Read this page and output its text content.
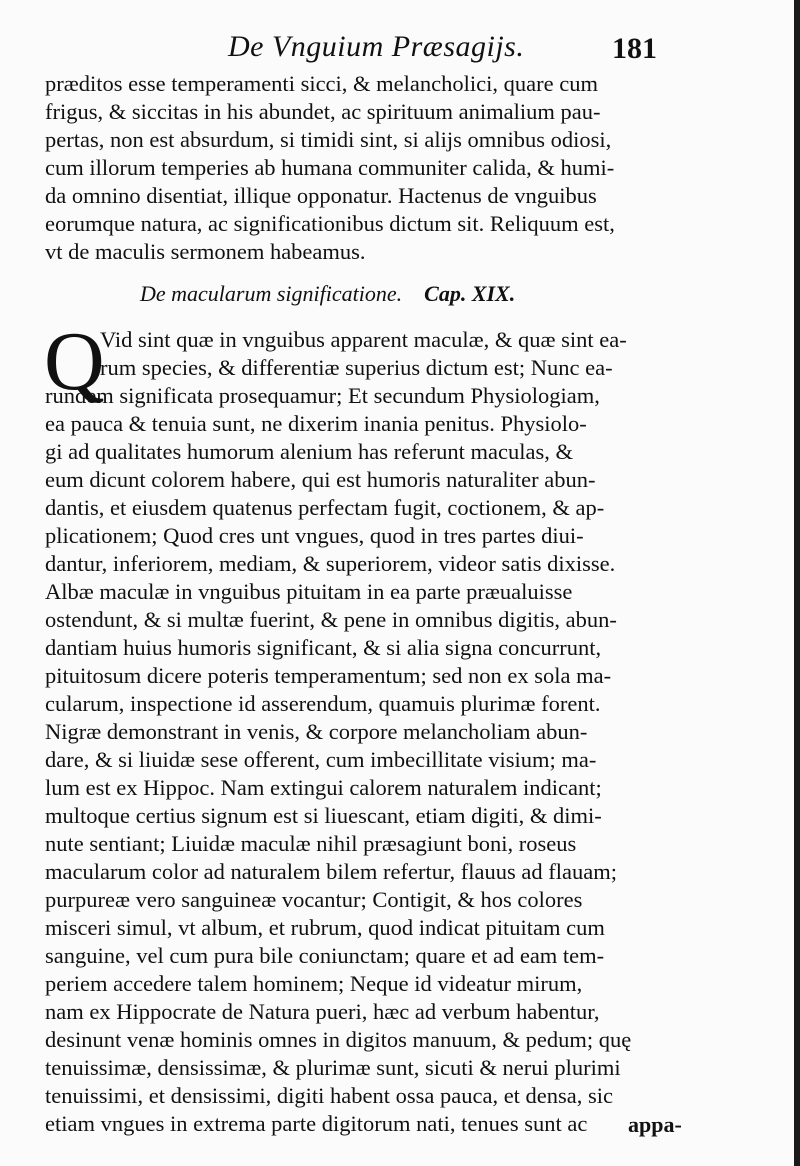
De Vnguium Præsagijs.	181
præditos esse temperamenti sicci, & melancholici, quare cum
frigus, & siccitas in his abundet, ac spirituum animalium pau-
pertas, non est absurdum, si timidi sint, si alijs omnibus odiosi,
cum illorum temperies ab humana communiter calida, & humi-
da omnino disentiat, illique opponatur. Hactenus de vnguibus
eorumque natura, ac significationibus dictum sit. Reliquum est,
vt de maculis sermonem habeamus.
De macularum significatione. Cap. XIX.
Q
Vid sint quæ in vnguibus apparent maculæ, & quæ sint ea-
rum species, & differentiæ superius dictum est; Nunc ea-
rundem significata prosequamur; Et secundum Physiologiam,
ea pauca & tenuia sunt, ne dixerim inania penitus. Physiolo-
gi ad qualitates humorum alenium has referunt maculas, &
eum dicunt colorem habere, qui est humoris naturaliter abun-
dantis, et eiusdem quatenus perfectam fugit, coctionem, & ap-
plicationem; Quod cres unt vngues, quod in tres partes diui-
dantur, inferiorem, mediam, & superiorem, videor satis dixisse.
Albæ maculæ in vnguibus pituitam in ea parte præualuisse
ostendunt, & si multæ fuerint, & pene in omnibus digitis, abun-
dantiam huius humoris significant, & si alia signa concurrunt,
pituitosum dicere poteris temperamentum; sed non ex sola ma-
cularum, inspectione id asserendum, quamuis plurimæ forent.
Nigræ demonstrant in venis, & corpore melancholiam abun-
dare, & si liuidæ sese offerent, cum imbecillitate visium; ma-
lum est ex Hippoc. Nam extingui calorem naturalem indicant;
multoque certius signum est si liuescant, etiam digiti, & dimi-
nute sentiant; Liuidæ maculæ nihil præsagiunt boni, roseus
macularum color ad naturalem bilem refertur, flauus ad flauam;
purpureæ vero sanguineæ vocantur; Contigit, & hos colores
misceri simul, vt album, et rubrum, quod indicat pituitam cum
sanguine, vel cum pura bile coniunctam; quare et ad eam tem-
periem accedere talem hominem; Neque id videatur mirum,
nam ex Hippocrate de Natura pueri, hæc ad verbum habentur,
desinunt venæ hominis omnes in digitos manuum, & pedum; quę
tenuissimæ, densissimæ, & plurimæ sunt, sicuti & nerui plurimi
tenuissimi, et densissimi, digiti habent ossa pauca, et densa, sic
etiam vngues in extrema parte digitorum nati, tenues sunt ac	appa-
